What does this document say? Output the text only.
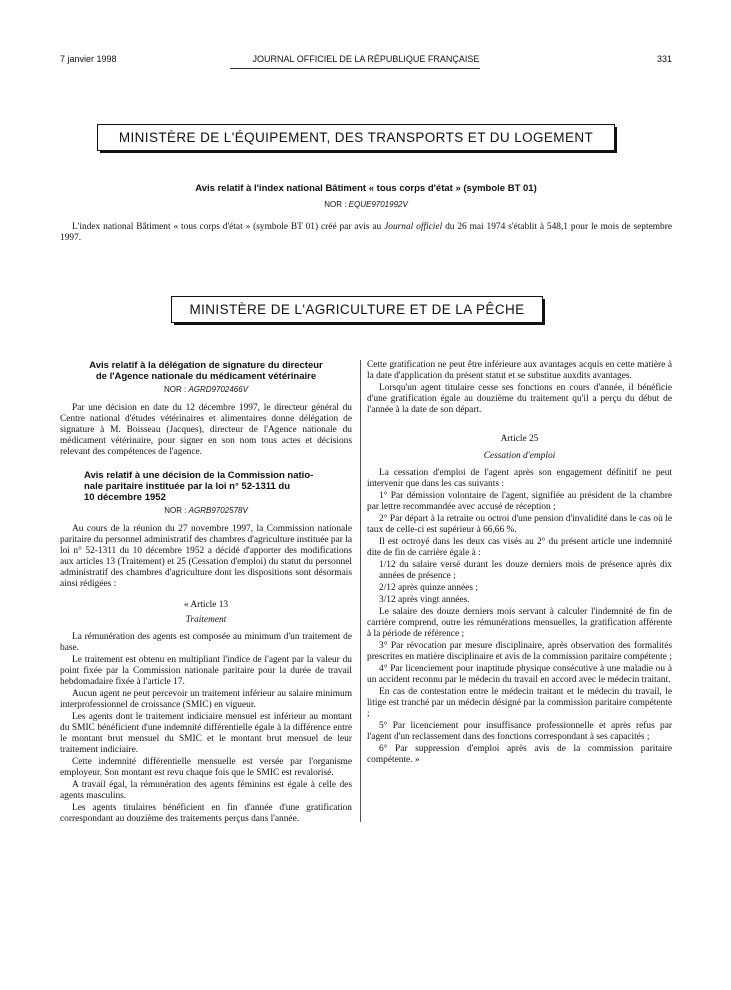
7 janvier 1998	JOURNAL OFFICIEL DE LA RÉPUBLIQUE FRANÇAISE	331
MINISTÈRE DE L'ÉQUIPEMENT, DES TRANSPORTS ET DU LOGEMENT
Avis relatif à l'index national Bâtiment « tous corps d'état » (symbole BT 01)
NOR : EQUE9701992V

L'index national Bâtiment « tous corps d'état » (symbole BT 01) créé par avis au Journal officiel du 26 mai 1974 s'établit à 548,1 pour le mois de septembre 1997.

MINISTÈRE DE L'AGRICULTURE ET DE LA PÊCHE
Avis relatif à la délégation de signature du directeur
de l'Agence nationale du médicament vétérinaire
NOR : AGRD9702466V

Par une décision en date du 12 décembre 1997, le directeur général du Centre national d'études vétérinaires et alimentaires donne délégation de signature à M. Boisseau (Jacques), directeur de l'Agence nationale du médicament vétérinaire, pour signer en son nom tous actes et décisions relevant des compétences de l'agence.

Avis relatif à une décision de la Commission natio-
nale paritaire instituée par la loi n° 52-1311 du
10 décembre 1952
NOR : AGRB9702578V

Au cours de la réunion du 27 novembre 1997, la Commission nationale paritaire du personnel administratif des chambres d'agriculture instituée par la loi n° 52-1311 du 10 décembre 1952 a décidé d'apporter des modifications aux articles 13 (Traitement) et 25 (Cessation d'emploi) du statut du personnel administratif des chambres d'agriculture dont les dispositions sont désormais ainsi rédigées :

« Article 13
Traitement

La rémunération des agents est composée au minimum d'un traitement de base.

Le traitement est obtenu en multipliant l'indice de l'agent par la valeur du point fixée par la Commission nationale paritaire pour la durée de travail hebdomadaire fixée à l'article 17.

Aucun agent ne peut percevoir un traitement inférieur au salaire minimum interprofessionnel de croissance (SMIC) en vigueur.

Les agents dont le traitement indiciaire mensuel est inférieur au montant du SMIC bénéficient d'une indemnité différentielle égale à la différence entre le montant brut mensuel du SMIC et le montant brut mensuel de leur traitement indiciaire.

Cette indemnité différentielle mensuelle est versée par l'organisme employeur. Son montant est revu chaque fois que le SMIC est revalorisé.

A travail égal, la rémunération des agents féminins est égale à celle des agents masculins.

Les agents titulaires bénéficient en fin d'année d'une gratification correspondant au douzième des traitements perçus dans l'année.

Cette gratification ne peut être inférieure aux avantages acquis en cette matière à la date d'application du présent statut et se substitue auxdits avantages.

Lorsqu'un agent titulaire cesse ses fonctions en cours d'année, il bénéficie d'une gratification égale au douzième du traitement qu'il a perçu du début de l'année à la date de son départ.

Article 25
Cessation d'emploi

La cessation d'emploi de l'agent après son engagement définitif ne peut intervenir que dans les cas suivants :

1° Par démission volontaire de l'agent, signifiée au président de la chambre par lettre recommandée avec accusé de réception ;

2° Par départ à la retraite ou octroi d'une pension d'invalidité dans le cas où le taux de celle-ci est supérieur à 66,66 %.

Il est octroyé dans les deux cas visés au 2° du présent article une indemnité dite de fin de carrière égale à :

1/12 du salaire versé durant les douze derniers mois de présence après dix années de présence ;

2/12 après quinze années ;

3/12 après vingt années.

Le salaire des douze derniers mois servant à calculer l'indemnité de fin de carrière comprend, outre les rémunérations mensuelles, la gratification afférente à la période de référence ;

3° Par révocation par mesure disciplinaire, après observation des formalités prescrites en matière disciplinaire et avis de la commission paritaire compétente ;

4° Par licenciement pour inaptitude physique consécutive à une maladie ou à un accident reconnu par le médecin du travail en accord avec le médecin traitant.

En cas de contestation entre le médecin traitant et le médecin du travail, le litige est tranché par un médecin désigné par la commission paritaire compétente ;

5° Par licenciement pour insuffisance professionnelle et après refus par l'agent d'un reclassement dans des fonctions correspondant à ses capacités ;

6° Par suppression d'emploi après avis de la commission paritaire compétente. »
